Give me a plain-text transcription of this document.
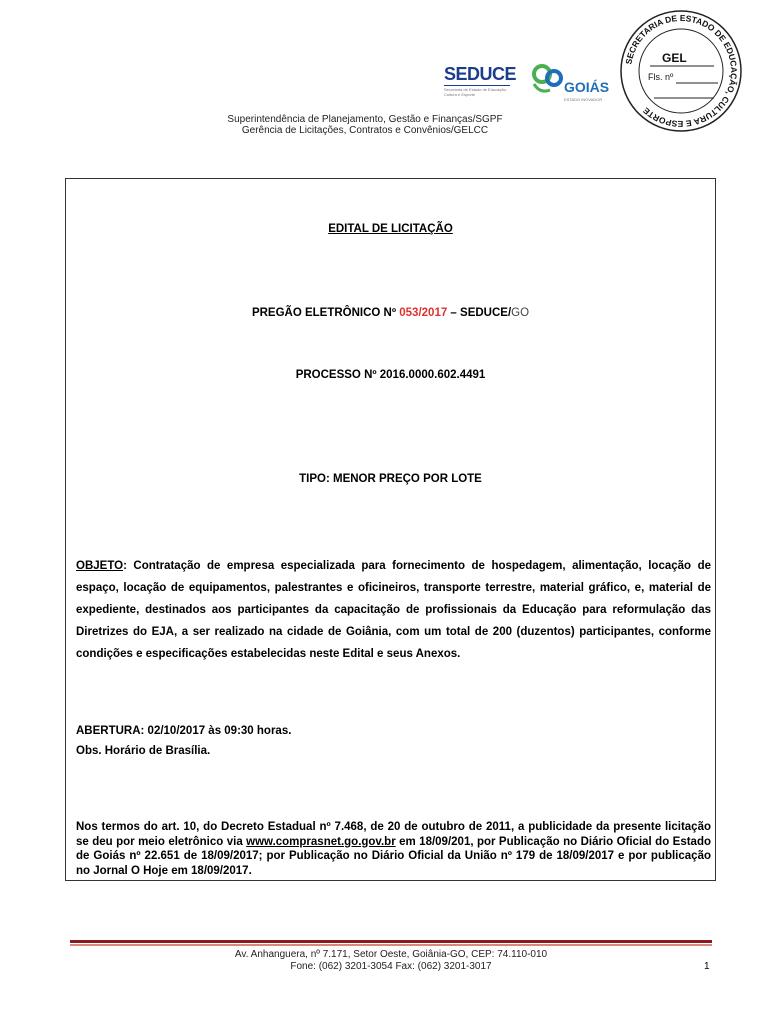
SEDUCE
Secretaria de Estado de Educação, Cultura e Esporte	GOIÁS
ESTADO INOVADOR
SECRETARIA DE ESTADO DE EDUCAÇÃO, CULTURA E ESPORTE
GEL
Fls. nº
Superintendência de Planejamento, Gestão e Finanças/SGPF
Gerência de Licitações, Contratos e Convênios/GELCC
EDITAL DE LICITAÇÃO
PREGÃO ELETRÔNICO Nº 053/2017 – SEDUCE/GO
PROCESSO Nº 2016.0000.602.4491
TIPO: MENOR PREÇO POR LOTE
OBJETO: Contratação de empresa especializada para fornecimento de hospedagem, alimentação, locação de espaço, locação de equipamentos, palestrantes e oficineiros, transporte terrestre, material gráfico, e, material de expediente, destinados aos participantes da capacitação de profissionais da Educação para reformulação das Diretrizes do EJA, a ser realizado na cidade de Goiânia, com um total de 200 (duzentos) participantes, conforme condições e especificações estabelecidas neste Edital e seus Anexos.
ABERTURA: 02/10/2017 às 09:30 horas.
Obs. Horário de Brasília.
Nos termos do art. 10, do Decreto Estadual nº 7.468, de 20 de outubro de 2011, a publicidade da presente licitação se deu por meio eletrônico via www.comprasnet.go.gov.br em 18/09/201, por Publicação no Diário Oficial do Estado de Goiás nº 22.651 de 18/09/2017; por Publicação no Diário Oficial da União nº 179 de 18/09/2017 e por publicação no Jornal O Hoje em 18/09/2017.
Av. Anhanguera, nº 7.171, Setor Oeste, Goiânia-GO, CEP: 74.110-010
Fone: (062) 3201-3054 Fax: (062) 3201-3017	1
